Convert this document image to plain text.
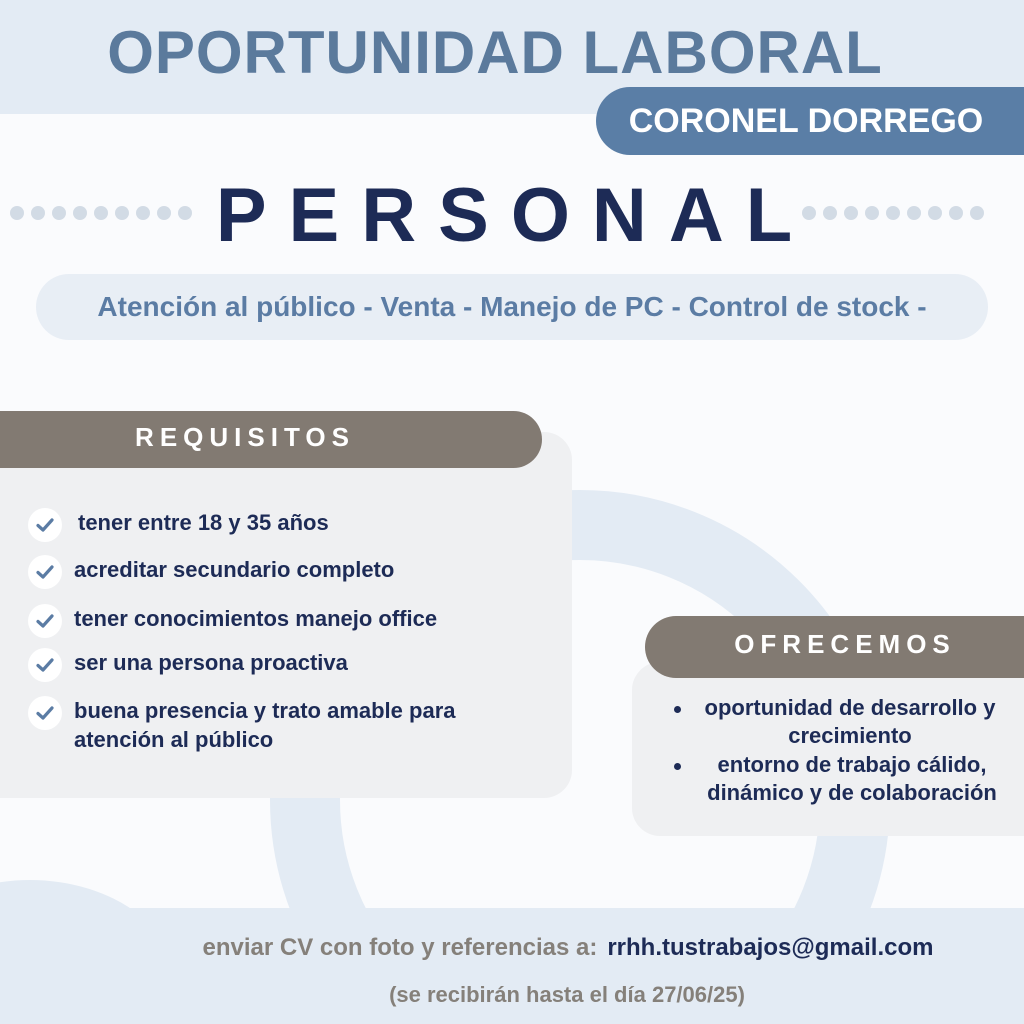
OPORTUNIDAD LABORAL
CORONEL DORREGO
PERSONAL
Atención al público - Venta - Manejo de PC - Control de stock -
REQUISITOS
tener entre 18 y 35 años
acreditar secundario completo
tener conocimientos manejo office
ser una persona proactiva
buena presencia y trato amable para atención al público
OFRECEMOS
oportunidad de desarrollo y crecimiento
entorno de trabajo cálido, dinámico y de colaboración
enviar CV con foto y referencias a: rrhh.tustrabajos@gmail.com
(se recibirán hasta el día 27/06/25)
